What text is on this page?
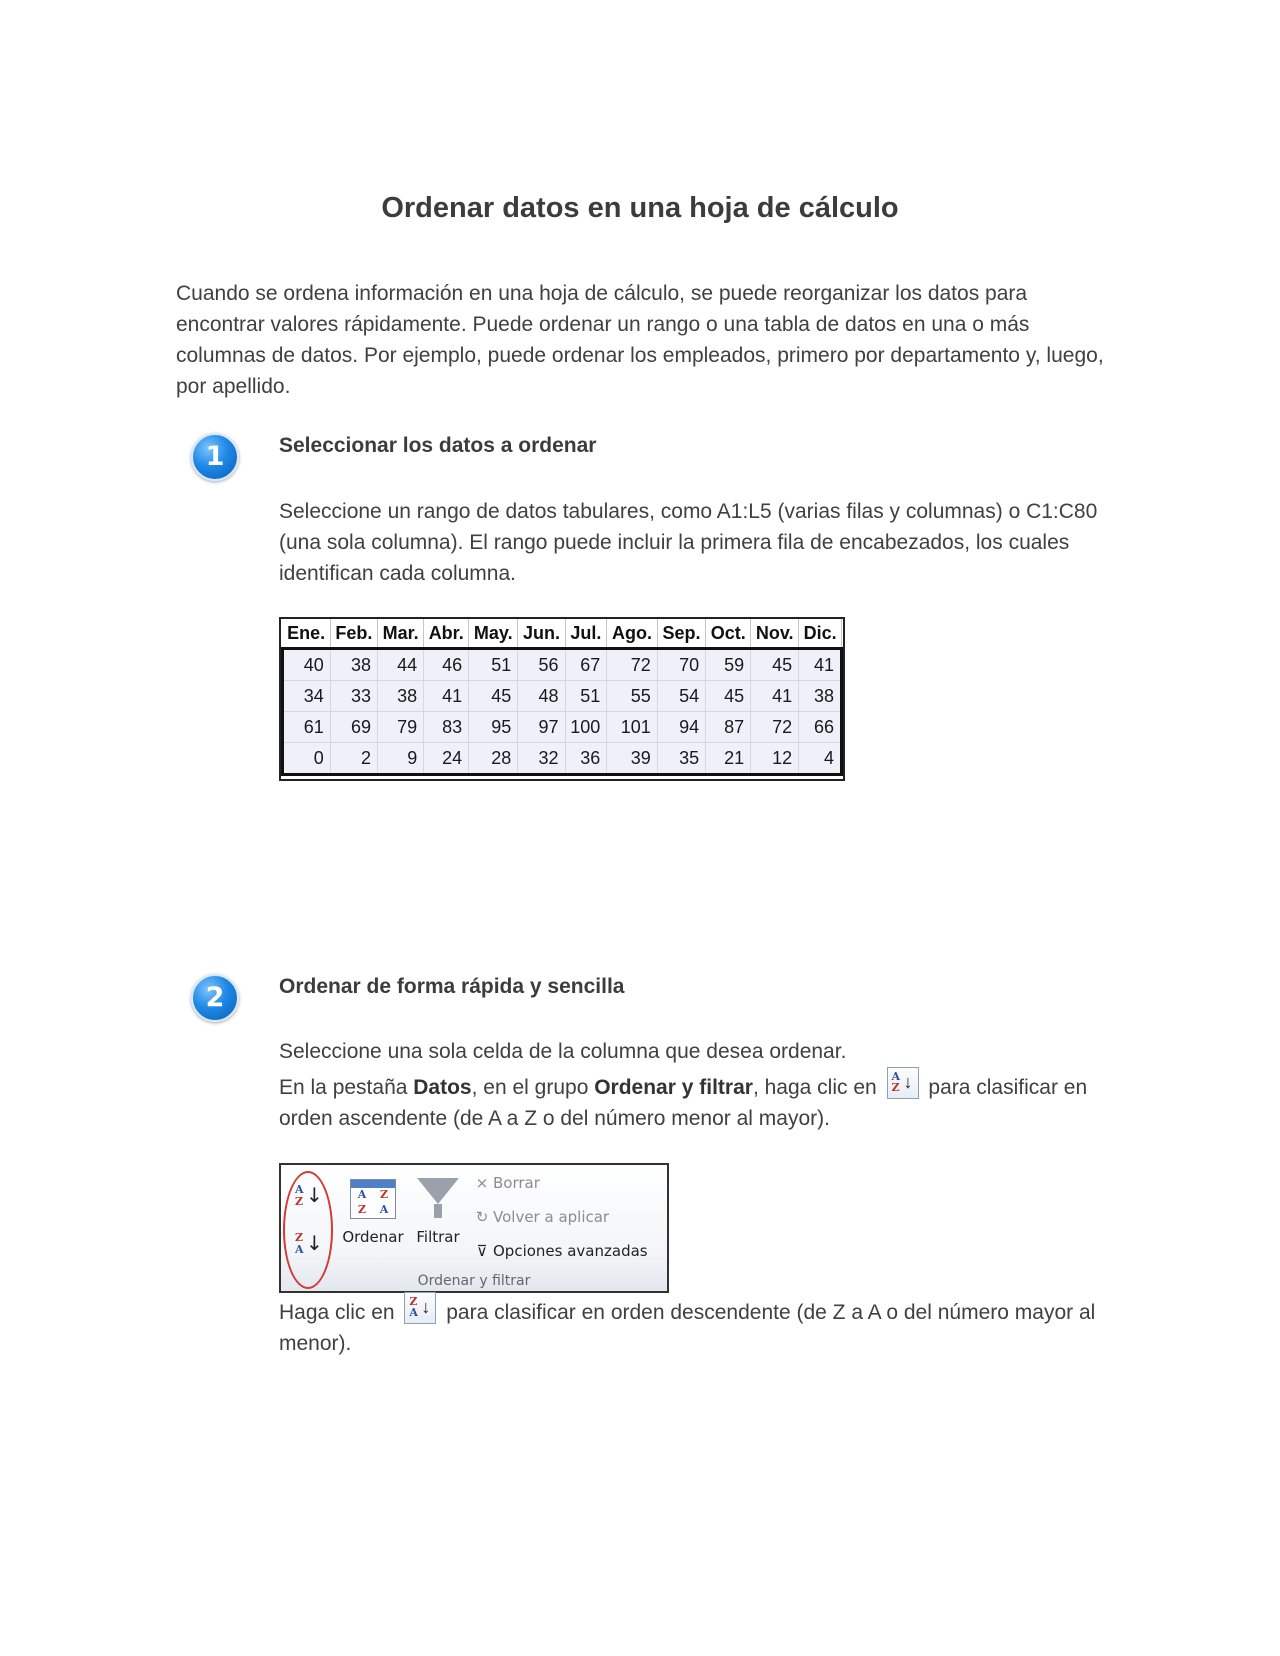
Ordenar datos en una hoja de cálculo

Cuando se ordena información en una hoja de cálculo, se puede reorganizar los datos para encontrar valores rápidamente. Puede ordenar un rango o una tabla de datos en una o más columnas de datos. Por ejemplo, puede ordenar los empleados, primero por departamento y, luego, por apellido.

1	Seleccionar los datos a ordenar

Seleccione un rango de datos tabulares, como A1:L5 (varias filas y columnas) o C1:C80 (una sola columna). El rango puede incluir la primera fila de encabezados, los cuales identifican cada columna.

Ene.	Feb.	Mar.	Abr.	May.	Jun.	Jul.	Ago.	Sep.	Oct.	Nov.	Dic.
40	38	44	46	51	56	67	72	70	59	45	41
34	33	38	41	45	48	51	55	54	45	41	38
61	69	79	83	95	97	100	101	94	87	72	66
0	2	9	24	28	32	36	39	35	21	12	4
2	Ordenar de forma rápida y sencilla

Seleccione una sola celda de la columna que desea ordenar.
En la pestaña Datos, en el grupo Ordenar y filtrar, haga clic en A
Z ↓ para clasificar en orden ascendente (de A a Z o del número menor al mayor).

A
Z ↓
Z
A ↓
A	Z
Z	A
Ordenar Filtrar
⨯ Borrar
↻ Volver a aplicar
⊽ Opciones avanzadas
Ordenar y filtrar

Haga clic en Z
A ↓ para clasificar en orden descendente (de Z a A o del número mayor al menor).
